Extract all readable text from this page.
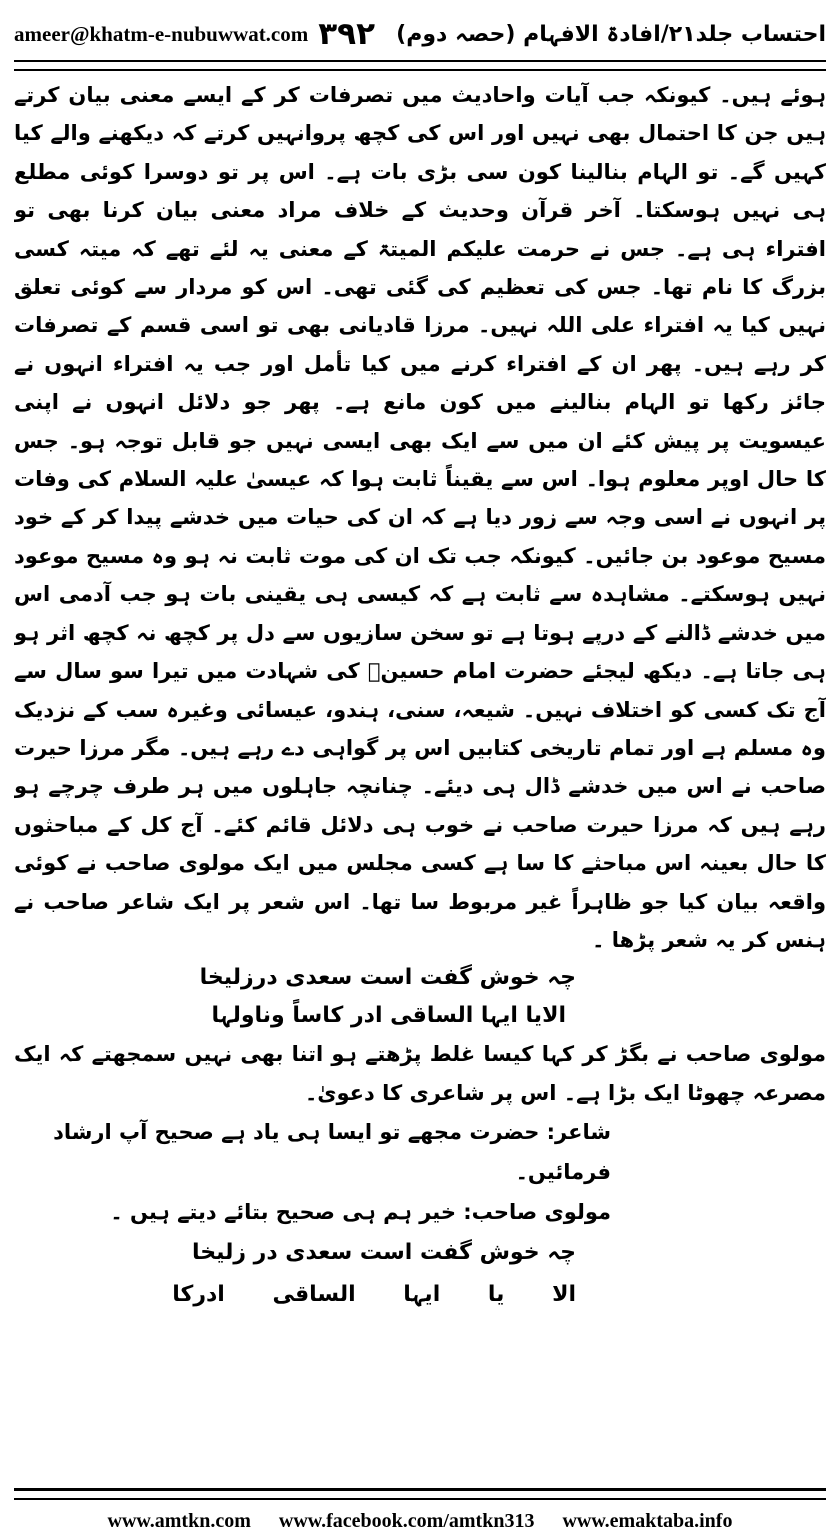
ameer@khatm-e-nubuwwat.com ۳۹۲ احتساب جلد۲۱/افادۃ الافہام (حصہ دوم)

ہوئے ہیں۔ کیونکہ جب آیات واحادیث میں تصرفات کر کے ایسے معنی بیان کرتے ہیں جن کا احتمال بھی نہیں اور اس کی کچھ پروانہیں کرتے کہ دیکھنے والے کیا کہیں گے۔ تو الہام بنالینا کون سی بڑی بات ہے۔ اس پر تو دوسرا کوئی مطلع ہی نہیں ہوسکتا۔ آخر قرآن وحدیث کے خلاف مراد معنی بیان کرنا بھی تو افتراء ہی ہے۔ جس نے حرمت علیکم المیتۃ کے معنی یہ لئے تھے کہ میتہ کسی بزرگ کا نام تھا۔ جس کی تعظیم کی گئی تھی۔ اس کو مردار سے کوئی تعلق نہیں کیا یہ افتراء علی اللہ نہیں۔ مرزا قادیانی بھی تو اسی قسم کے تصرفات کر رہے ہیں۔ پھر ان کے افتراء کرنے میں کیا تأمل اور جب یہ افتراء انہوں نے جائز رکھا تو الہام بنالینے میں کون مانع ہے۔ پھر جو دلائل انہوں نے اپنی عیسویت پر پیش کئے ان میں سے ایک بھی ایسی نہیں جو قابل توجہ ہو۔ جس کا حال اوپر معلوم ہوا۔ اس سے یقیناً ثابت ہوا کہ عیسیٰ علیہ السلام کی وفات پر انہوں نے اسی وجہ سے زور دیا ہے کہ ان کی حیات میں خدشے پیدا کر کے خود مسیح موعود بن جائیں۔ کیونکہ جب تک ان کی موت ثابت نہ ہو وہ مسیح موعود نہیں ہوسکتے۔ مشاہدہ سے ثابت ہے کہ کیسی ہی یقینی بات ہو جب آدمی اس میں خدشے ڈالنے کے درپے ہوتا ہے تو سخن سازیوں سے دل پر کچھ نہ کچھ اثر ہو ہی جاتا ہے۔ دیکھ لیجئے حضرت امام حسینؓ کی شہادت میں تیرا سو سال سے آج تک کسی کو اختلاف نہیں۔ شیعہ، سنی، ہندو، عیسائی وغیرہ سب کے نزدیک وہ مسلم ہے اور تمام تاریخی کتابیں اس پر گواہی دے رہے ہیں۔ مگر مرزا حیرت صاحب نے اس میں خدشے ڈال ہی دیئے۔ چنانچہ جاہلوں میں ہر طرف چرچے ہو رہے ہیں کہ مرزا حیرت صاحب نے خوب ہی دلائل قائم کئے۔ آج کل کے مباحثوں کا حال بعینہ اس مباحثے کا سا ہے کسی مجلس میں ایک مولوی صاحب نے کوئی واقعہ بیان کیا جو ظاہراً غیر مربوط سا تھا۔ اس شعر پر ایک شاعر صاحب نے ہنس کر یہ شعر پڑھا ۔

چہ خوش گفت است سعدی درزلیخا

الایا ایہا الساقی ادر کاساً وناولہا

مولوی صاحب نے بگڑ کر کہا کیسا غلط پڑھتے ہو اتنا بھی نہیں سمجھتے کہ ایک مصرعہ چھوٹا ایک بڑا ہے۔ اس پر شاعری کا دعویٰ۔

شاعر: حضرت مجھے تو ایسا ہی یاد ہے صحیح آپ ارشاد فرمائیں۔

مولوی صاحب: خیر ہم ہی صحیح بتائے دیتے ہیں ۔

چہ خوش گفت است سعدی در زلیخا

الا یا ایہا الساقی ادرکا

www.amtkn.com www.facebook.com/amtkn313 www.emaktaba.info
